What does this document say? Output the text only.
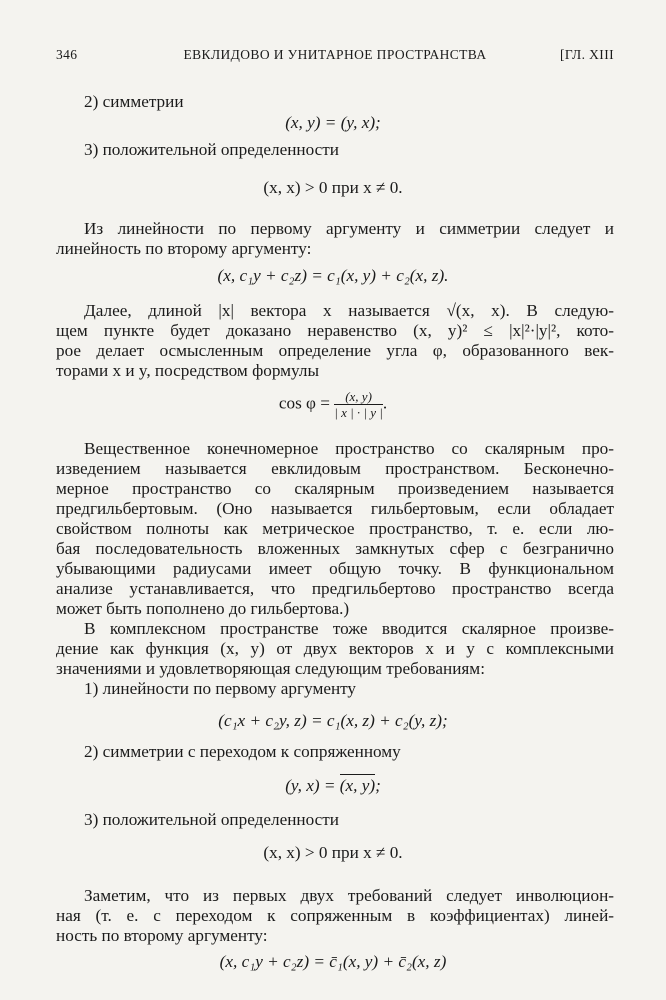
346	ЕВКЛИДОВО И УНИТАРНОЕ ПРОСТРАНСТВА	[ГЛ. XIII
2) симметрии
(x, y) = (y, x);
3) положительной определенности
(x, x) > 0 при x ≠ 0.
Из линейности по первому аргументу и симметрии следует и
линейность по второму аргументу:
(x, c₁y + c₂z) = c₁(x, y) + c₂(x, z).
Далее, длиной |x| вектора x называется √(x, x). В следую-
щем пункте будет доказано неравенство (x, y)² ≤ |x|²·|y|², кото-
рое делает осмысленным определение угла φ, образованного век-
торами x и y, посредством формулы
$\cos \varphi = \frac{(x, y)}{| x | \cdot | y |}$ .
Вещественное конечномерное пространство со скалярным про-
изведением называется евклидовым пространством. Бесконечно-
мерное пространство со скалярным произведением называется
предгильбертовым. (Оно называется гильбертовым, если обладает
свойством полноты как метрическое пространство, т. е. если лю-
бая последовательность вложенных замкнутых сфер с безгранично
убывающими радиусами имеет общую точку. В функциональном
анализе устанавливается, что предгильбертово пространство всегда
может быть пополнено до гильбертова.)
В комплексном пространстве тоже вводится скалярное произве-
дение как функция (x, y) от двух векторов x и y с комплексными
значениями и удовлетворяющая следующим требованиям:
1) линейности по первому аргументу
(c₁x + c₂y, z) = c₁(x, z) + c₂(y, z);
2) симметрии с переходом к сопряженному
(y, x) = (x, y);
3) положительной определенности
(x, x) > 0 при x ≠ 0.
Заметим, что из первых двух требований следует инволюцион-
ная (т. е. с переходом к сопряженным в коэффициентах) линей-
ность по второму аргументу:
(x, c₁y + c₂z) = c̄₁(x, y) + c̄₂(x, z)
